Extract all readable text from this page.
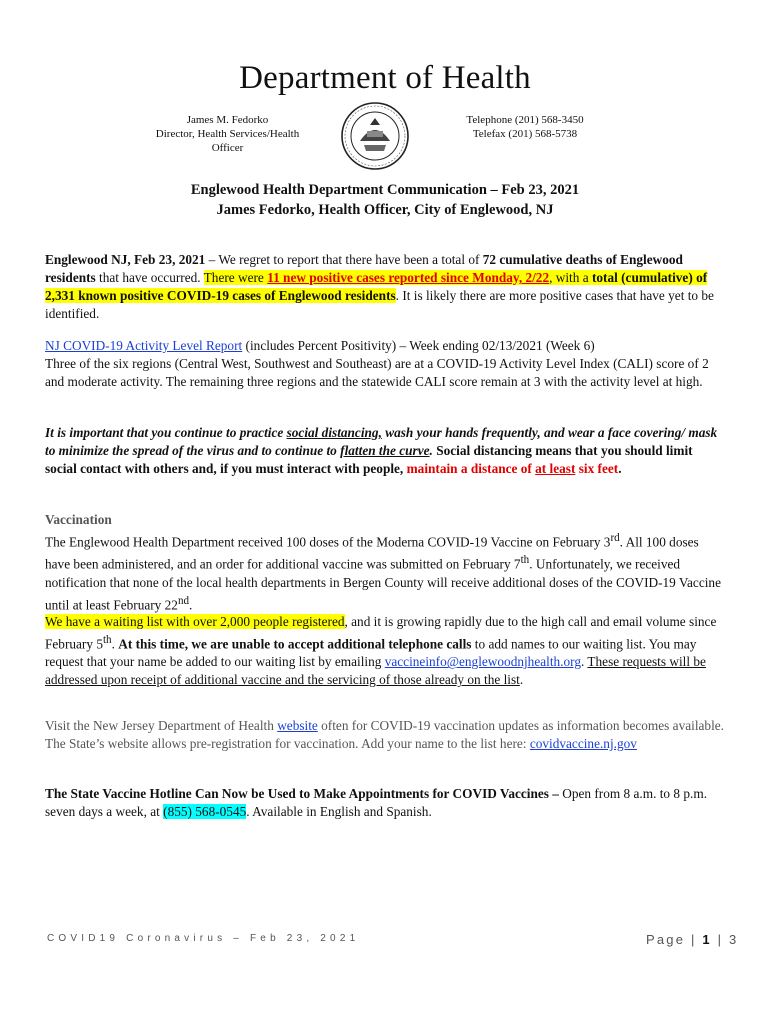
Department of Health
James M. Fedorko
Director, Health Services/Health Officer
Telephone (201) 568-3450
Telefax (201) 568-5738
Englewood Health Department Communication – Feb 23, 2021
James Fedorko, Health Officer, City of Englewood, NJ

Englewood NJ, Feb 23, 2021 – We regret to report that there have been a total of 72 cumulative deaths of Englewood residents that have occurred. There were 11 new positive cases reported since Monday, 2/22, with a total (cumulative) of 2,331 known positive COVID-19 cases of Englewood residents. It is likely there are more positive cases that have yet to be identified.

NJ COVID-19 Activity Level Report (includes Percent Positivity) – Week ending 02/13/2021 (Week 6)

Three of the six regions (Central West, Southwest and Southeast) are at a COVID-19 Activity Level Index (CALI) score of 2 and moderate activity. The remaining three regions and the statewide CALI score remain at 3 with the activity level at high.

It is important that you continue to practice social distancing, wash your hands frequently, and wear a face covering/ mask to minimize the spread of the virus and to continue to flatten the curve. Social distancing means that you should limit social contact with others and, if you must interact with people, maintain a distance of at least six feet.

Vaccination

The Englewood Health Department received 100 doses of the Moderna COVID-19 Vaccine on February 3rd. All 100 doses have been administered, and an order for additional vaccine was submitted on February 7th. Unfortunately, we received notification that none of the local health departments in Bergen County will receive additional doses of the COVID-19 Vaccine until at least February 22nd.

We have a waiting list with over 2,000 people registered, and it is growing rapidly due to the high call and email volume since February 5th. At this time, we are unable to accept additional telephone calls to add names to our waiting list. You may request that your name be added to our waiting list by emailing vaccineinfo@englewoodnjhealth.org. These requests will be addressed upon receipt of additional vaccine and the servicing of those already on the list.

Visit the New Jersey Department of Health website often for COVID-19 vaccination updates as information becomes available. The State’s website allows pre-registration for vaccination. Add your name to the list here: covidvaccine.nj.gov

The State Vaccine Hotline Can Now be Used to Make Appointments for COVID Vaccines – Open from 8 a.m. to 8 p.m. seven days a week, at (855) 568-0545. Available in English and Spanish.

COVID19 Coronavirus – Feb 23, 2021	Page | 1 | 3
